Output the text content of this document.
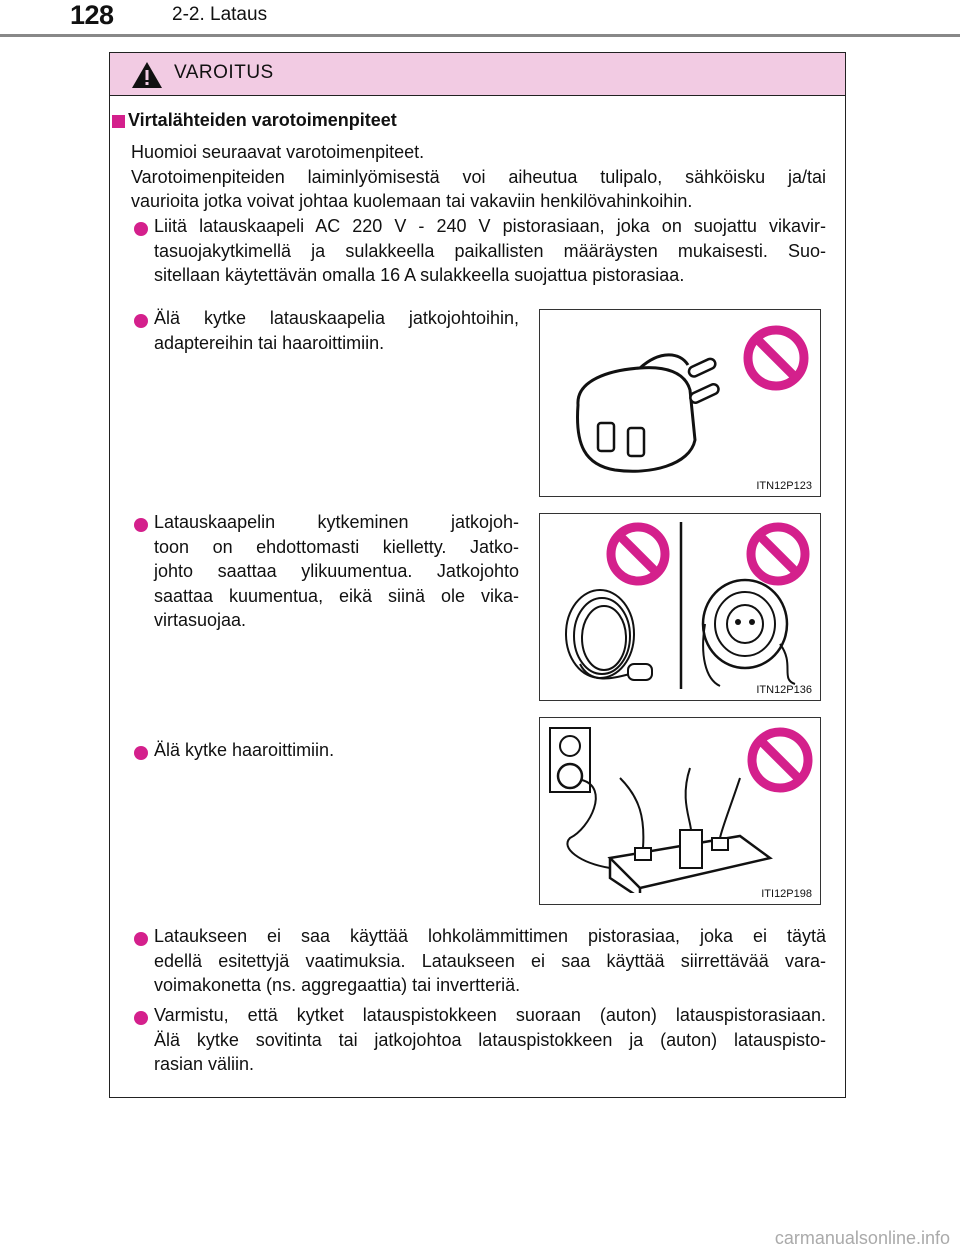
128	2-2. Lataus
VAROITUS
Virtalähteiden varotoimenpiteet
Huomioi seuraavat varotoimenpiteet.
Varotoimenpiteiden laiminlyömisestä voi aiheutua tulipalo, sähköisku ja/tai
vaurioita jotka voivat johtaa kuolemaan tai vakaviin henkilövahinkoihin.
Liitä latauskaapeli AC 220 V - 240 V pistorasiaan, joka on suojattu vikavir-
tasuojakytkimellä ja sulakkeella paikallisten määräysten mukaisesti. Suo-
sitellaan käytettävän omalla 16 A sulakkeella suojattua pistorasiaa.
Älä kytke latauskaapelia jatkojohtoihin,
adaptereihin tai haaroittimiin.
ITN12P123
Latauskaapelin kytkeminen jatkojoh-
toon on ehdottomasti kielletty. Jatko-
johto saattaa ylikuumentua. Jatkojohto
saattaa kuumentua, eikä siinä ole vika-
virtasuojaa.
ITN12P136
Älä kytke haaroittimiin.
ITI12P198
Lataukseen ei saa käyttää lohkolämmittimen pistorasiaa, joka ei täytä
edellä esitettyjä vaatimuksia. Lataukseen ei saa käyttää siirrettävää vara-
voimakonetta (ns. aggregaattia) tai invertteriä.
Varmistu, että kytket latauspistokkeen suoraan (auton) latauspistorasiaan.
Älä kytke sovitinta tai jatkojohtoa latauspistokkeen ja (auton) latauspisto-
rasian väliin.
carmanualsonline.info
